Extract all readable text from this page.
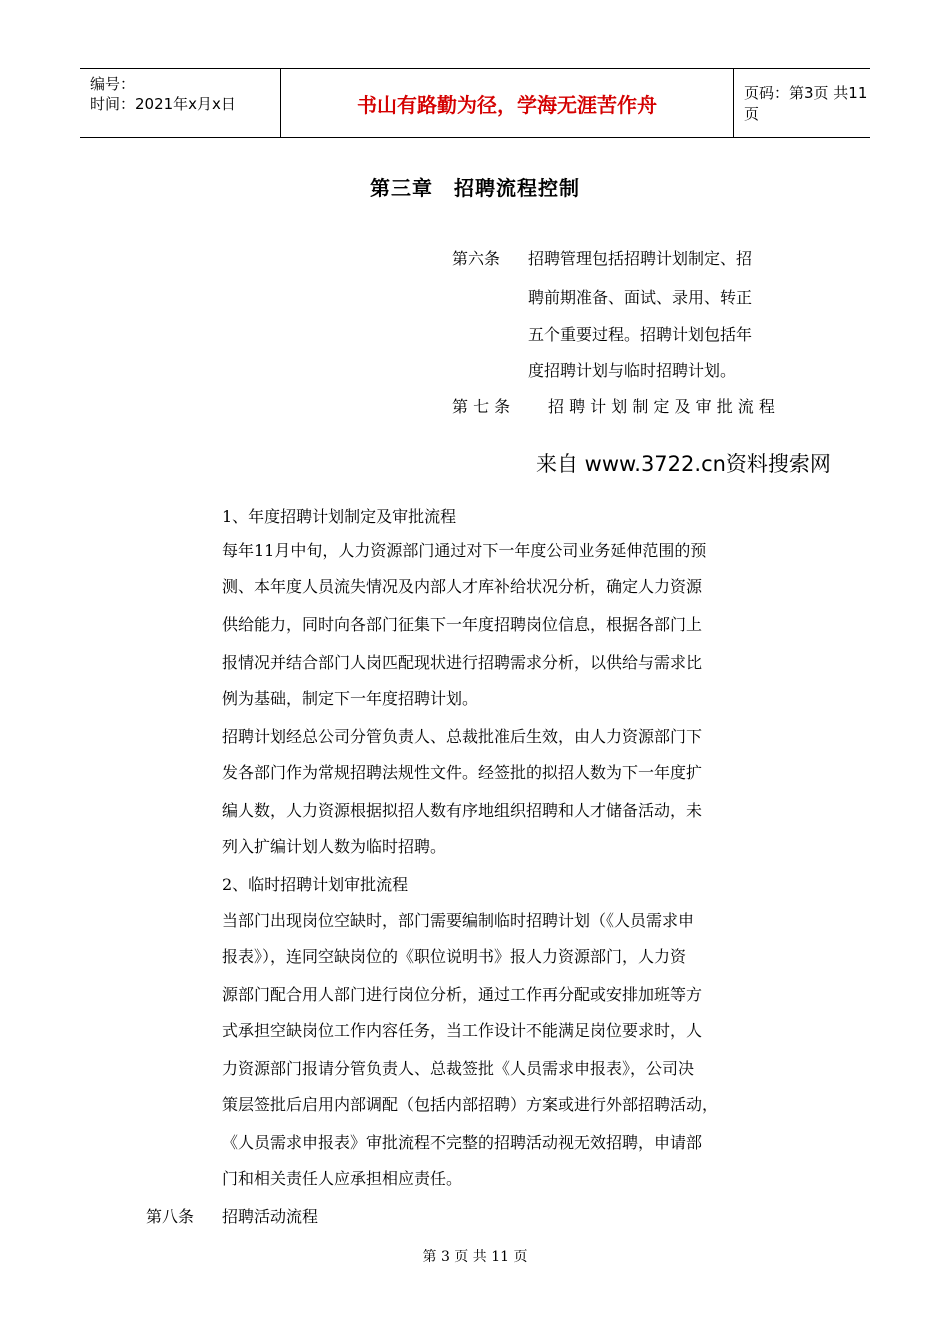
编号：
时间：2021年x月x日	书山有路勤为径，学海无涯苦作舟	页码：第3页 共11页
第三章　招聘流程控制
第六条 招聘管理包括招聘计划制定、招
聘前期准备、面试、录用、转正
五个重要过程。招聘计划包括年
度招聘计划与临时招聘计划。
第 七 条 招 聘 计 划 制 定 及 审 批 流 程
来自 www.3722.cn资料搜索网
1、年度招聘计划制定及审批流程
每年11月中旬，人力资源部门通过对下一年度公司业务延伸范围的预
测、本年度人员流失情况及内部人才库补给状况分析，确定人力资源
供给能力，同时向各部门征集下一年度招聘岗位信息，根据各部门上
报情况并结合部门人岗匹配现状进行招聘需求分析，以供给与需求比
例为基础，制定下一年度招聘计划。
招聘计划经总公司分管负责人、总裁批准后生效，由人力资源部门下
发各部门作为常规招聘法规性文件。经签批的拟招人数为下一年度扩
编人数，人力资源根据拟招人数有序地组织招聘和人才储备活动，未
列入扩编计划人数为临时招聘。
2、临时招聘计划审批流程
当部门出现岗位空缺时，部门需要编制临时招聘计划（《人员需求申
报表》），连同空缺岗位的《职位说明书》报人力资源部门，人力资
源部门配合用人部门进行岗位分析，通过工作再分配或安排加班等方
式承担空缺岗位工作内容任务，当工作设计不能满足岗位要求时，人
力资源部门报请分管负责人、总裁签批《人员需求申报表》，公司决
策层签批后启用内部调配（包括内部招聘）方案或进行外部招聘活动，
《人员需求申报表》审批流程不完整的招聘活动视无效招聘，申请部
门和相关责任人应承担相应责任。
第八条 招聘活动流程
第 3 页 共 11 页
